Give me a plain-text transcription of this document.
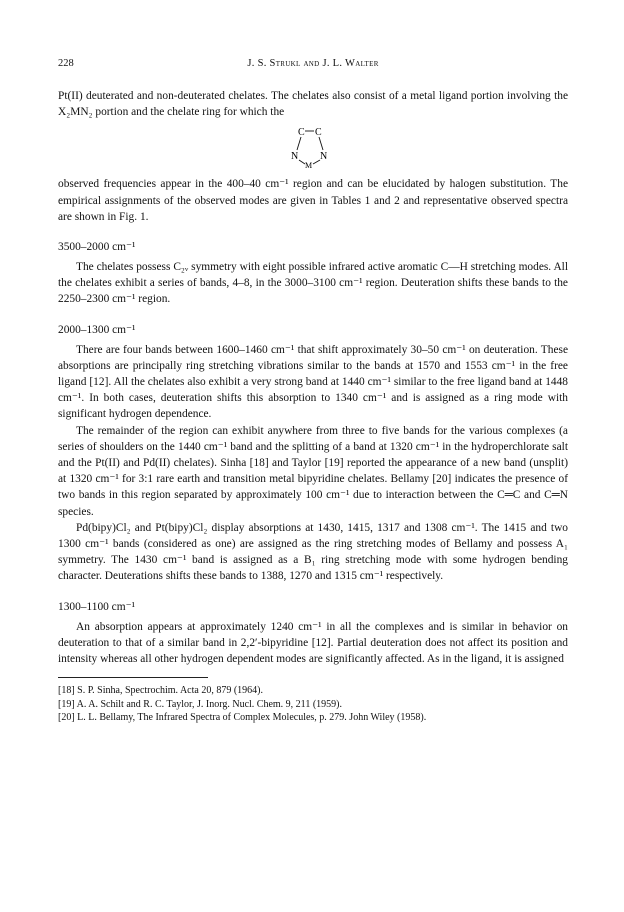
228	J. S. Strukl and J. L. Walter

Pt(II) deuterated and non-deuterated chelates. The chelates also consist of a metal ligand portion involving the X₂MN₂ portion and the chelate ring for which the

C C
N
M
N

observed frequencies appear in the 400–40 cm⁻¹ region and can be elucidated by halogen substitution. The empirical assignments of the observed modes are given in Tables 1 and 2 and representative observed spectra are shown in Fig. 1.

3500–2000 cm⁻¹

The chelates possess C₂ᵥ symmetry with eight possible infrared active aromatic C—H stretching modes. All the chelates exhibit a series of bands, 4–8, in the 3000–3100 cm⁻¹ region. Deuteration shifts these bands to the 2250–2300 cm⁻¹ region.

2000–1300 cm⁻¹

There are four bands between 1600–1460 cm⁻¹ that shift approximately 30–50 cm⁻¹ on deuteration. These absorptions are principally ring stretching vibrations similar to the bands at 1570 and 1553 cm⁻¹ in the free ligand [12]. All the chelates also exhibit a very strong band at 1440 cm⁻¹ similar to the free ligand band at 1448 cm⁻¹. In both cases, deuteration shifts this absorption to 1340 cm⁻¹ and is assigned as a ring mode with significant hydrogen dependence.

The remainder of the region can exhibit anywhere from three to five bands for the various complexes (a series of shoulders on the 1440 cm⁻¹ band and the splitting of a band at 1320 cm⁻¹ in the hydroperchlorate salt and the Pt(II) and Pd(II) chelates). Sinha [18] and Taylor [19] reported the appearance of a new band (unsplit) at 1320 cm⁻¹ for 3:1 rare earth and transition metal bipyridine chelates. Bellamy [20] indicates the presence of two bands in this region separated by approximately 100 cm⁻¹ due to interaction between the C═C and C═N species.

Pd(bipy)Cl₂ and Pt(bipy)Cl₂ display absorptions at 1430, 1415, 1317 and 1308 cm⁻¹. The 1415 and two 1300 cm⁻¹ bands (considered as one) are assigned as the ring stretching modes of Bellamy and possess A₁ symmetry. The 1430 cm⁻¹ band is assigned as a B₁ ring stretching mode with some hydrogen bending character. Deuterations shifts these bands to 1388, 1270 and 1315 cm⁻¹ respectively.

1300–1100 cm⁻¹

An absorption appears at approximately 1240 cm⁻¹ in all the complexes and is similar in behavior on deuteration to that of a similar band in 2,2′-bipyridine [12]. Partial deuteration does not affect its position and intensity whereas all other hydrogen dependent modes are significantly affected. As in the ligand, it is assigned

[18] S. P. Sinha, Spectrochim. Acta 20, 879 (1964).

[19] A. A. Schilt and R. C. Taylor, J. Inorg. Nucl. Chem. 9, 211 (1959).

[20] L. L. Bellamy, The Infrared Spectra of Complex Molecules, p. 279. John Wiley (1958).
